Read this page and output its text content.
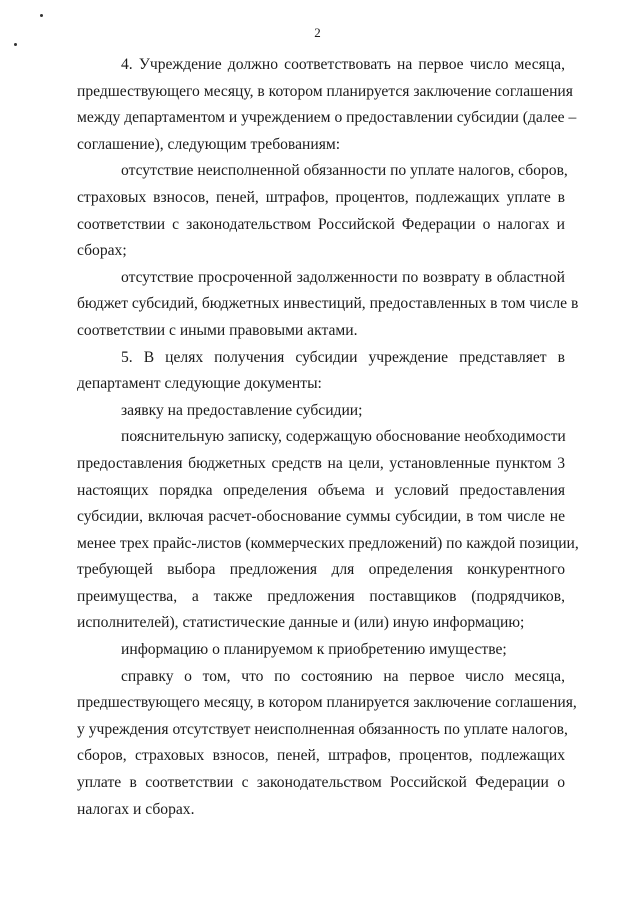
2
4. Учреждение должно соответствовать на первое число месяца,
предшествующего месяцу, в котором планируется заключение соглашения
между департаментом и учреждением о предоставлении субсидии (далее –
соглашение), следующим требованиям:
отсутствие неисполненной обязанности по уплате налогов, сборов,
страховых взносов, пеней, штрафов, процентов, подлежащих уплате в
соответствии с законодательством Российской Федерации о налогах и
сборах;
отсутствие просроченной задолженности по возврату в областной
бюджет субсидий, бюджетных инвестиций, предоставленных в том числе в
соответствии с иными правовыми актами.
5. В целях получения субсидии учреждение представляет в
департамент следующие документы:
заявку на предоставление субсидии;
пояснительную записку, содержащую обоснование необходимости
предоставления бюджетных средств на цели, установленные пунктом 3
настоящих порядка определения объема и условий предоставления
субсидии, включая расчет-обоснование суммы субсидии, в том числе не
менее трех прайс-листов (коммерческих предложений) по каждой позиции,
требующей выбора предложения для определения конкурентного
преимущества, а также предложения поставщиков (подрядчиков,
исполнителей), статистические данные и (или) иную информацию;
информацию о планируемом к приобретению имуществе;
справку о том, что по состоянию на первое число месяца,
предшествующего месяцу, в котором планируется заключение соглашения,
у учреждения отсутствует неисполненная обязанность по уплате налогов,
сборов, страховых взносов, пеней, штрафов, процентов, подлежащих
уплате в соответствии с законодательством Российской Федерации о
налогах и сборах.
